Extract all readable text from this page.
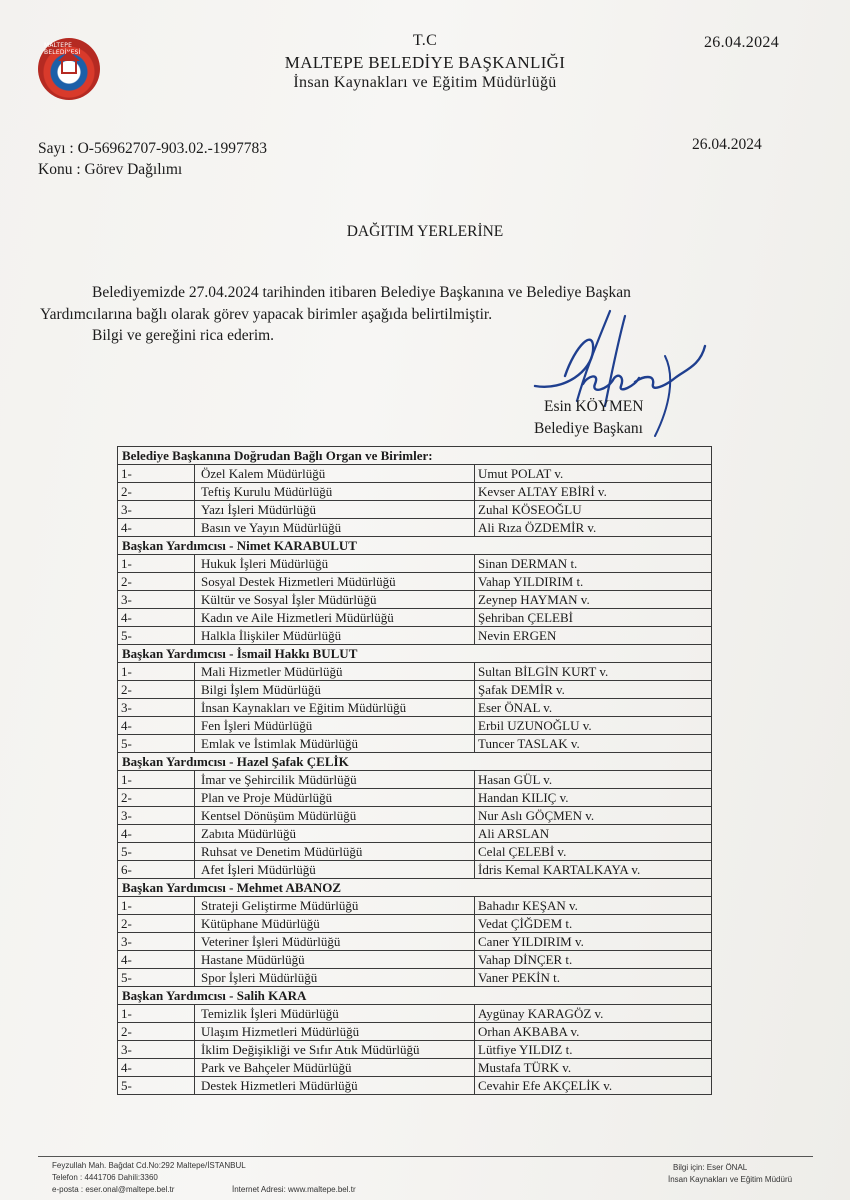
MALTEPE BELEDİYESİ
T.C
MALTEPE BELEDİYE BAŞKANLIĞI
İnsan Kaynakları ve Eğitim Müdürlüğü
26.04.2024
Sayı : O-56962707-903.02.-1997783
Konu : Görev Dağılımı
26.04.2024
DAĞITIM YERLERİNE
Belediyemizde 27.04.2024 tarihinden itibaren Belediye Başkanına ve Belediye Başkan
Yardımcılarına bağlı olarak görev yapacak birimler aşağıda belirtilmiştir.
Bilgi ve gereğini rica ederim.
Esin KÖYMEN
Belediye Başkanı
Belediye Başkanına Doğrudan Bağlı Organ ve Birimler:		
1-	Özel Kalem Müdürlüğü	Umut POLAT v.
2-	Teftiş Kurulu Müdürlüğü	Kevser ALTAY EBİRİ v.
3-	Yazı İşleri Müdürlüğü	Zuhal KÖSEOĞLU
4-	Basın ve Yayın Müdürlüğü	Ali Rıza ÖZDEMİR v.
Başkan Yardımcısı - Nimet KARABULUT		
1-	Hukuk İşleri Müdürlüğü	Sinan DERMAN t.
2-	Sosyal Destek Hizmetleri Müdürlüğü	Vahap YILDIRIM t.
3-	Kültür ve Sosyal İşler Müdürlüğü	Zeynep HAYMAN v.
4-	Kadın ve Aile Hizmetleri Müdürlüğü	Şehriban ÇELEBİ
5-	Halkla İlişkiler Müdürlüğü	Nevin ERGEN
Başkan Yardımcısı - İsmail Hakkı BULUT		
1-	Mali Hizmetler Müdürlüğü	Sultan BİLGİN KURT v.
2-	Bilgi İşlem Müdürlüğü	Şafak DEMİR v.
3-	İnsan Kaynakları ve Eğitim Müdürlüğü	Eser ÖNAL v.
4-	Fen İşleri Müdürlüğü	Erbil UZUNOĞLU v.
5-	Emlak ve İstimlak Müdürlüğü	Tuncer TASLAK v.
Başkan Yardımcısı - Hazel Şafak ÇELİK		
1-	İmar ve Şehircilik Müdürlüğü	Hasan GÜL v.
2-	Plan ve Proje Müdürlüğü	Handan KILIÇ v.
3-	Kentsel Dönüşüm Müdürlüğü	Nur Aslı GÖÇMEN v.
4-	Zabıta Müdürlüğü	Ali ARSLAN
5-	Ruhsat ve Denetim Müdürlüğü	Celal ÇELEBİ v.
6-	Afet İşleri Müdürlüğü	İdris Kemal KARTALKAYA v.
Başkan Yardımcısı - Mehmet ABANOZ		
1-	Strateji Geliştirme Müdürlüğü	Bahadır KEŞAN v.
2-	Kütüphane Müdürlüğü	Vedat ÇİĞDEM t.
3-	Veteriner İşleri Müdürlüğü	Caner YILDIRIM v.
4-	Hastane Müdürlüğü	Vahap DİNÇER t.
5-	Spor İşleri Müdürlüğü	Vaner PEKİN t.
Başkan Yardımcısı - Salih KARA		
1-	Temizlik İşleri Müdürlüğü	Aygünay KARAGÖZ v.
2-	Ulaşım Hizmetleri Müdürlüğü	Orhan AKBABA v.
3-	İklim Değişikliği ve Sıfır Atık Müdürlüğü	Lütfiye YILDIZ t.
4-	Park ve Bahçeler Müdürlüğü	Mustafa TÜRK v.
5-	Destek Hizmetleri Müdürlüğü	Cevahir Efe AKÇELİK v.
Feyzullah Mah. Bağdat Cd.No:292 Maltepe/İSTANBUL
Telefon : 4441706 Dahili:3360
e-posta : eser.onal@maltepe.bel.tr	İnternet Adresi: www.maltepe.bel.tr
Bilgi için: Eser ÖNAL
İnsan Kaynakları ve Eğitim Müdürü
